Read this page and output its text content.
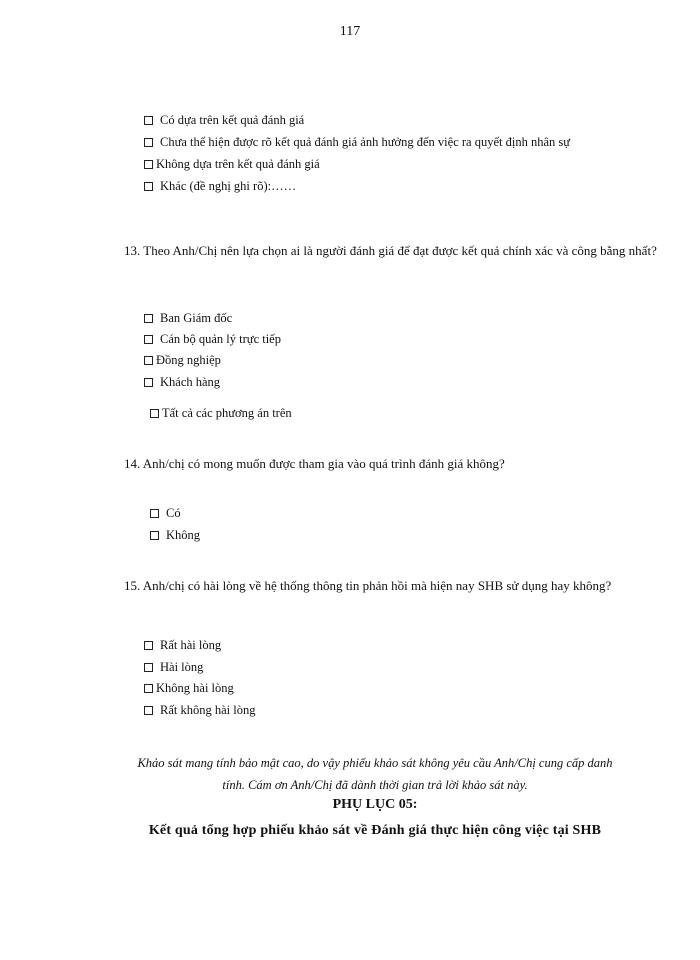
117
Có dựa trên kết quả đánh giá
Chưa thể hiện được rõ kết quả đánh giá ảnh hưởng đến việc ra quyết định nhân sự
Không dựa trên kết quả đánh giá
Khác (đề nghị ghi rõ):……
13. Theo Anh/Chị nên lựa chọn ai là người đánh giá để đạt được kết quả chính xác và công bằng nhất?
Ban Giám đốc
Cán bộ quản lý trực tiếp
Đồng nghiệp
Khách hàng
Tất cả các phương án trên
14. Anh/chị có mong muốn được tham gia vào quá trình đánh giá không?
Có
Không
15. Anh/chị có hài lòng về hệ thống thông tin phản hồi mà hiện nay SHB sử dụng hay không?
Rất hài lòng
Hài lòng
Không hài lòng
Rất không hài lòng
Khảo sát mang tính bảo mật cao, do vậy phiếu khảo sát không yêu cầu Anh/Chị cung cấp danh
tính. Cám ơn Anh/Chị đã dành thời gian trả lời khảo sát này.
PHỤ LỤC 05:
Kết quả tổng hợp phiếu khảo sát về Đánh giá thực hiện công việc tại SHB
